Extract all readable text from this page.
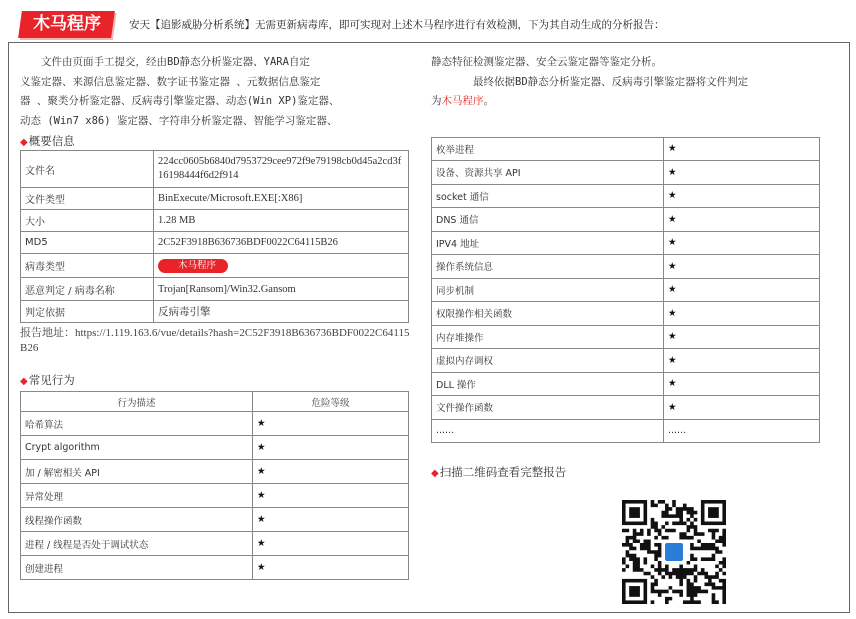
木马程序	安天【追影威胁分析系统】无需更新病毒库，即可实现对上述木马程序进行有效检测，下为其自动生成的分析报告：
文件由页面手工提交，经由BD静态分析鉴定器、YARA自定
义鉴定器、来源信息鉴定器、数字证书鉴定器 、元数据信息鉴定
器 、聚类分析鉴定器、反病毒引擎鉴定器、动态(Win XP)鉴定器、
动态 (Win7 x86) 鉴定器、字符串分析鉴定器、智能学习鉴定器、
◆概要信息
文件名	224cc0605b6840d7953729cee972f9e79198cb0d45a2cd3f16198444f6d2f914
文件类型	BinExecute/Microsoft.EXE[:X86]
大小	1.28 MB
MD5	2C52F3918B636736BDF0022C64115B26
病毒类型	木马程序
恶意判定 / 病毒名称	Trojan[Ransom]/Win32.Gansom
判定依据	反病毒引擎
报告地址：https://1.119.163.6/vue/details?hash=2C52F3918B636736BDF0022C64115B26
◆常见行为
行为描述	危险等级
哈希算法	★
Crypt algorithm	★
加 / 解密相关 API	★
异常处理	★
线程操作函数	★
进程 / 线程是否处于调试状态	★
创建进程	★
静态特征检测鉴定器、安全云鉴定器等鉴定分析。
最终依据BD静态分析鉴定器、反病毒引擎鉴定器将文件判定
为木马程序。
枚举进程	★
设备、资源共享 API	★
socket 通信	★
DNS 通信	★
IPV4 地址	★
操作系统信息	★
同步机制	★
权限操作相关函数	★
内存堆操作	★
虚拟内存调权	★
DLL 操作	★
文件操作函数	★
......	......
◆扫描二维码查看完整报告
